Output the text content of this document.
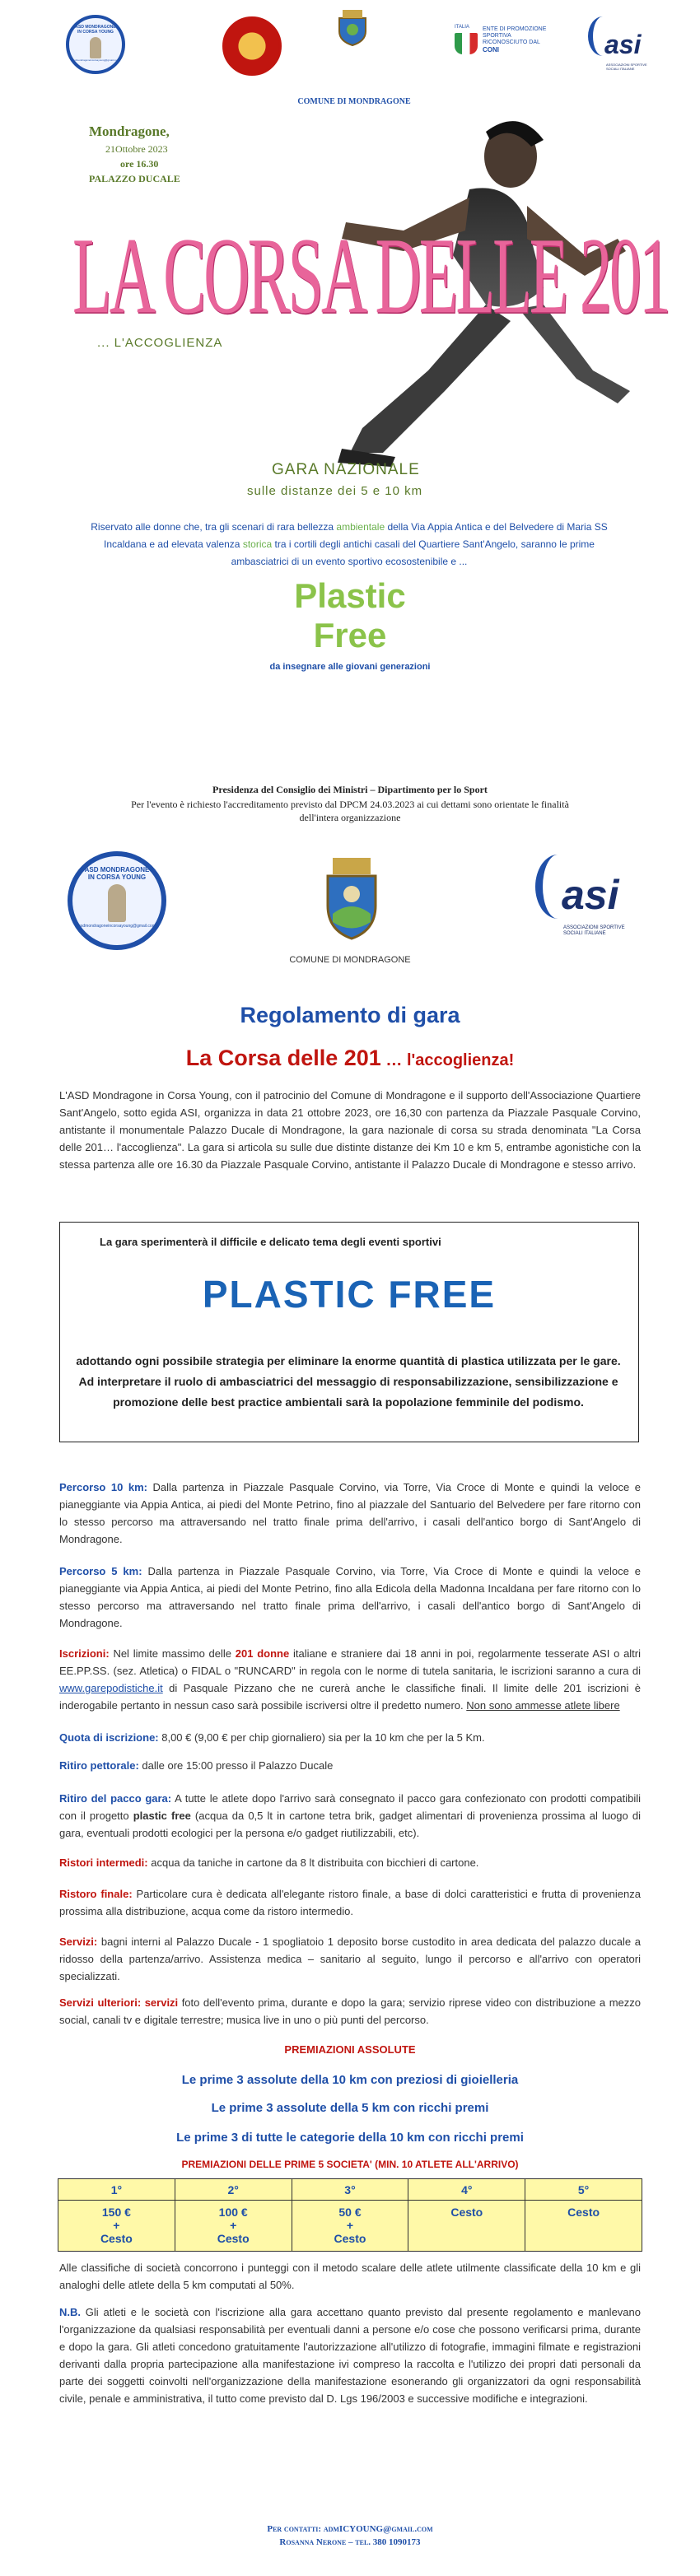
ASD MONDRAGONE IN CORSA YOUNG
asdmondragoneincorsayoung@gmail.com
COMUNE DI MONDRAGONE
ITALIA ENTE DI PROMOZIONE SPORTIVA RICONOSCIUTO DAL
CONI	asi
ASSOCIAZIONI SPORTIVE SOCIALI ITALIANE
Mondragone,
21Ottobre 2023
ore 16.30
PALAZZO DUCALE
LA CORSA DELLE 201
... L'ACCOGLIENZA
GARA NAZIONALE
sulle distanze dei 5 e 10 km
Riservato alle donne che, tra gli scenari di rara bellezza ambientale della Via Appia Antica e del Belvedere di Maria SS Incaldana e ad elevata valenza storica tra i cortili degli antichi casali del Quartiere Sant'Angelo, saranno le prime ambasciatrici di un evento sportivo ecosostenibile e ...
Plastic
Free
da insegnare alle giovani generazioni
Presidenza del Consiglio dei Ministri – Dipartimento per lo Sport
Per l'evento è richiesto l'accreditamento previsto dal DPCM 24.03.2023 ai cui dettami sono orientate le finalità
dell'intera organizzazione
ASD MONDRAGONE IN CORSA YOUNG
asdmondragoneincorsayoung@gmail.com
COMUNE DI MONDRAGONE
asi
ASSOCIAZIONI SPORTIVE SOCIALI ITALIANE
Regolamento di gara
La Corsa delle 201 … l'accoglienza!
L'ASD Mondragone in Corsa Young, con il patrocinio del Comune di Mondragone e il supporto dell'Associazione Quartiere Sant'Angelo, sotto egida ASI, organizza in data 21 ottobre 2023, ore 16,30 con partenza da Piazzale Pasquale Corvino, antistante il monumentale Palazzo Ducale di Mondragone, la gara nazionale di corsa su strada denominata "La Corsa delle 201… l'accoglienza". La gara si articola su sulle due distinte distanze dei Km 10 e km 5, entrambe agonistiche con la stessa partenza alle ore 16.30 da Piazzale Pasquale Corvino, antistante il Palazzo Ducale di Mondragone e stesso arrivo.
La gara sperimenterà il difficile e delicato tema degli eventi sportivi
PLASTIC FREE
adottando ogni possibile strategia per eliminare la enorme quantità di plastica utilizzata per le gare. Ad interpretare il ruolo di ambasciatrici del messaggio di responsabilizzazione, sensibilizzazione e promozione delle best practice ambientali sarà la popolazione femminile del podismo.
Percorso 10 km: Dalla partenza in Piazzale Pasquale Corvino, via Torre, Via Croce di Monte e quindi la veloce e pianeggiante via Appia Antica, ai piedi del Monte Petrino, fino al piazzale del Santuario del Belvedere per fare ritorno con lo stesso percorso ma attraversando nel tratto finale prima dell'arrivo, i casali dell'antico borgo di Sant'Angelo di Mondragone.
Percorso 5 km: Dalla partenza in Piazzale Pasquale Corvino, via Torre, Via Croce di Monte e quindi la veloce e pianeggiante via Appia Antica, ai piedi del Monte Petrino, fino alla Edicola della Madonna Incaldana per fare ritorno con lo stesso percorso ma attraversando nel tratto finale prima dell'arrivo, i casali dell'antico borgo di Sant'Angelo di Mondragone.
Iscrizioni: Nel limite massimo delle 201 donne italiane e straniere dai 18 anni in poi, regolarmente tesserate ASI o altri EE.PP.SS. (sez. Atletica) o FIDAL o "RUNCARD" in regola con le norme di tutela sanitaria, le iscrizioni saranno a cura di www.garepodistiche.it di Pasquale Pizzano che ne curerà anche le classifiche finali. Il limite delle 201 iscrizioni è inderogabile pertanto in nessun caso sarà possibile iscriversi oltre il predetto numero. Non sono ammesse atlete libere
Quota di iscrizione: 8,00 € (9,00 € per chip giornaliero) sia per la 10 km che per la 5 Km.
Ritiro pettorale: dalle ore 15:00 presso il Palazzo Ducale
Ritiro del pacco gara: A tutte le atlete dopo l'arrivo sarà consegnato il pacco gara confezionato con prodotti compatibili con il progetto plastic free (acqua da 0,5 lt in cartone tetra brik, gadget alimentari di provenienza prossima al luogo di gara, eventuali prodotti ecologici per la persona e/o gadget riutilizzabili, etc).
Ristori intermedi: acqua da taniche in cartone da 8 lt distribuita con bicchieri di cartone.
Ristoro finale: Particolare cura è dedicata all'elegante ristoro finale, a base di dolci caratteristici e frutta di provenienza prossima alla distribuzione, acqua come da ristoro intermedio.
Servizi: bagni interni al Palazzo Ducale - 1 spogliatoio 1 deposito borse custodito in area dedicata del palazzo ducale a ridosso della partenza/arrivo. Assistenza medica – sanitario al seguito, lungo il percorso e all'arrivo con operatori specializzati.
Servizi ulteriori: servizi foto dell'evento prima, durante e dopo la gara; servizio riprese video con distribuzione a mezzo social, canali tv e digitale terrestre; musica live in uno o più punti del percorso.
PREMIAZIONI ASSOLUTE
Le prime 3 assolute della 10 km con preziosi di gioielleria
Le prime 3 assolute della 5 km con ricchi premi
Le prime 3 di tutte le categorie della 10 km con ricchi premi
PREMIAZIONI DELLE PRIME 5 SOCIETA' (MIN. 10 ATLETE ALL'ARRIVO)
1°	2°	3°	4°	5°
150 €
+
Cesto	100 €
+
Cesto	50 €
+
Cesto	Cesto	Cesto
Alle classifiche di società concorrono i punteggi con il metodo scalare delle atlete utilmente classificate della 10 km e gli analoghi delle atlete della 5 km computati al 50%.
N.B. Gli atleti e le società con l'iscrizione alla gara accettano quanto previsto dal presente regolamento e manlevano l'organizzazione da qualsiasi responsabilità per eventuali danni a persone e/o cose che possono verificarsi prima, durante e dopo la gara. Gli atleti concedono gratuitamente l'autorizzazione all'utilizzo di fotografie, immagini filmate e registrazioni derivanti dalla propria partecipazione alla manifestazione ivi compreso la raccolta e l'utilizzo dei propri dati personali da parte dei soggetti coinvolti nell'organizzazione della manifestazione esonerando gli organizzatori da ogni responsabilità civile, penale e amministrativa, il tutto come previsto dal D. Lgs 196/2003 e successive modifiche e integrazioni.
Per contatti: admICYOUNG@gmail.com
Rosanna Nerone – tel. 380 1090173
